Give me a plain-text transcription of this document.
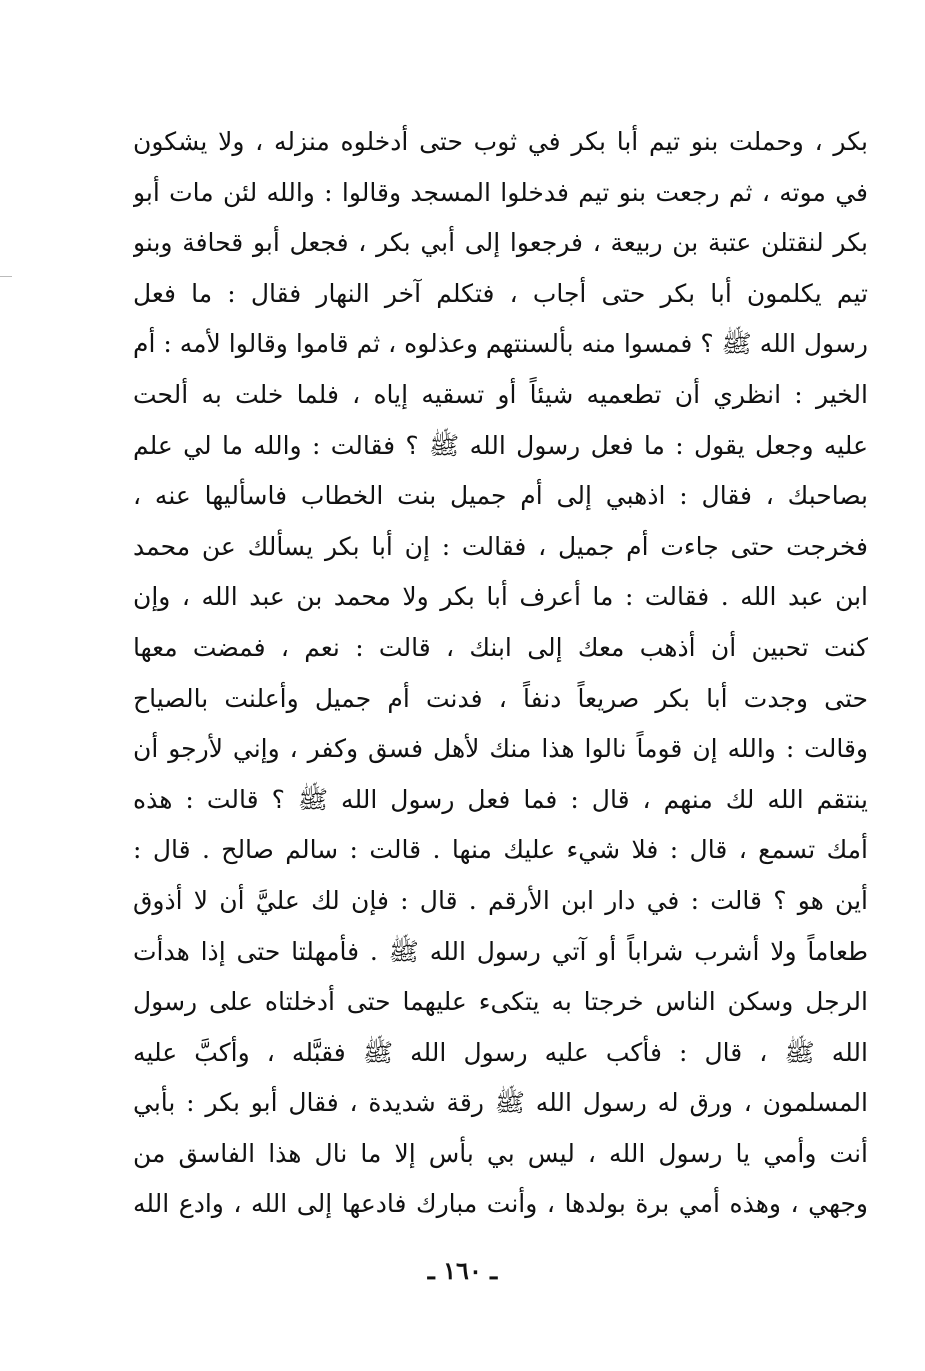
بكر ، وحملت بنو تيم أبا بكر في ثوب حتى أدخلوه منزله ، ولا يشكون
في موته ، ثم رجعت بنو تيم فدخلوا المسجد وقالوا : والله لئن مات أبو
بكر لنقتلن عتبة بن ربيعة ، فرجعوا إلى أبي بكر ، فجعل أبو قحافة وبنو
تيم يكلمون أبا بكر حتى أجاب ، فتكلم آخر النهار فقال : ما فعل
رسول الله ﷺ ؟ فمسوا منه بألسنتهم وعذلوه ، ثم قاموا وقالوا لأمه : أم
الخير : انظري أن تطعميه شيئاً أو تسقيه إياه ، فلما خلت به ألحت
عليه وجعل يقول : ما فعل رسول الله ﷺ ؟ فقالت : والله ما لي علم
بصاحبك ، فقال : اذهبي إلى أم جميل بنت الخطاب فاسأليها عنه ،
فخرجت حتى جاءت أم جميل ، فقالت : إن أبا بكر يسألك عن محمد
ابن عبد الله . فقالت : ما أعرف أبا بكر ولا محمد بن عبد الله ، وإن
كنت تحبين أن أذهب معك إلى ابنك ، قالت : نعم ، فمضت معها
حتى وجدت أبا بكر صريعاً دنفاً ، فدنت أم جميل وأعلنت بالصياح
وقالت : والله إن قوماً نالوا هذا منك لأهل فسق وكفر ، وإني لأرجو أن
ينتقم الله لك منهم ، قال : فما فعل رسول الله ﷺ ؟ قالت : هذه
أمك تسمع ، قال : فلا شيء عليك منها . قالت : سالم صالح . قال :
أين هو ؟ قالت : في دار ابن الأرقم . قال : فإن لك عليَّ أن لا أذوق
طعاماً ولا أشرب شراباً أو آتي رسول الله ﷺ . فأمهلتا حتى إذا هدأت
الرجل وسكن الناس خرجتا به يتكىء عليهما حتى أدخلتاه على رسول
الله ﷺ ، قال : فأكب عليه رسول الله ﷺ فقبَّله ، وأكبَّ عليه
المسلمون ، ورق له رسول الله ﷺ رقة شديدة ، فقال أبو بكر : بأبي
أنت وأمي يا رسول الله ، ليس بي بأس إلا ما نال هذا الفاسق من
وجهي ، وهذه أمي برة بولدها ، وأنت مبارك فادعها إلى الله ، وادع الله
ـ ١٦٠ ـ
